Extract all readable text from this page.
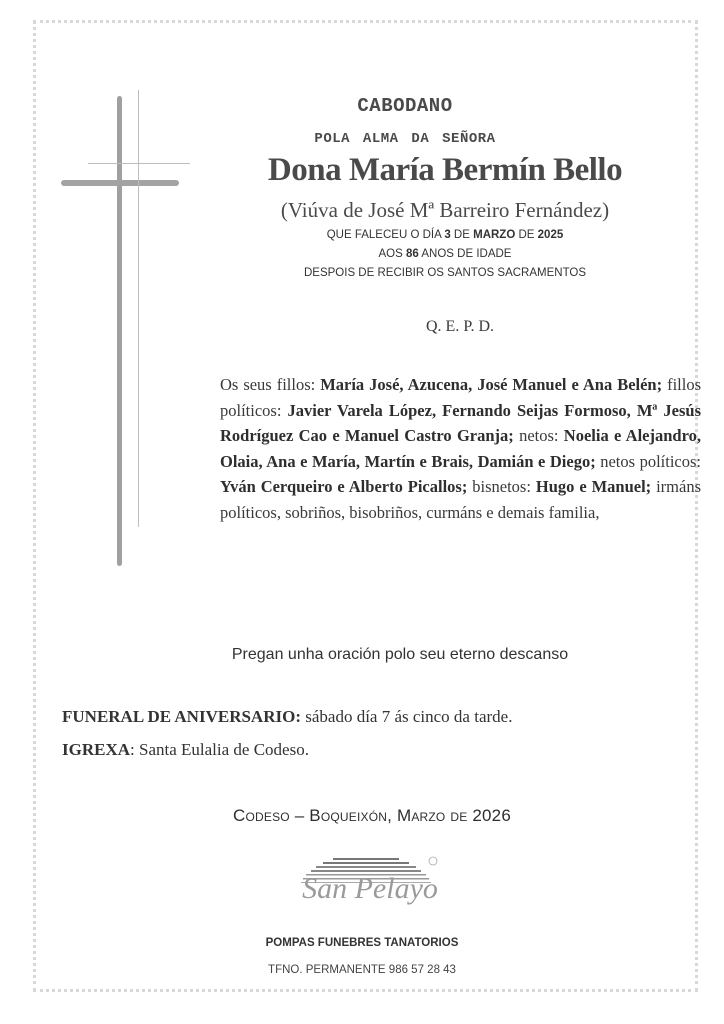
CABODANO
POLA ALMA DA SEÑORA
Dona María Bermín Bello
(Viúva de José Mª Barreiro Fernández)
QUE FALECEU O DÍA 3 DE MARZO DE 2025
AOS 86 ANOS DE IDADE
DESPOIS DE RECIBIR OS SANTOS SACRAMENTOS
Q. E. P. D.
Os seus fillos: María José, Azucena, José Manuel e Ana Belén; fillos políticos: Javier Varela López, Fernando Seijas Formoso, Mª Jesús Rodríguez Cao e Manuel Castro Granja; netos: Noelia e Alejandro, Olaia, Ana e María, Martín e Brais, Damián e Diego; netos políticos: Yván Cerqueiro e Alberto Picallos; bisnetos: Hugo e Manuel; irmáns políticos, sobriños, bisobriños, curmáns e demais familia,
Pregan unha oración polo seu eterno descanso
FUNERAL DE ANIVERSARIO: sábado día 7 ás cinco da tarde.
IGREXA: Santa Eulalia de Codeso.
Codeso – Boqueixón, Marzo de 2026
San Pelayo
POMPAS FUNEBRES TANATORIOS
TFNO. PERMANENTE 986 57 28 43
